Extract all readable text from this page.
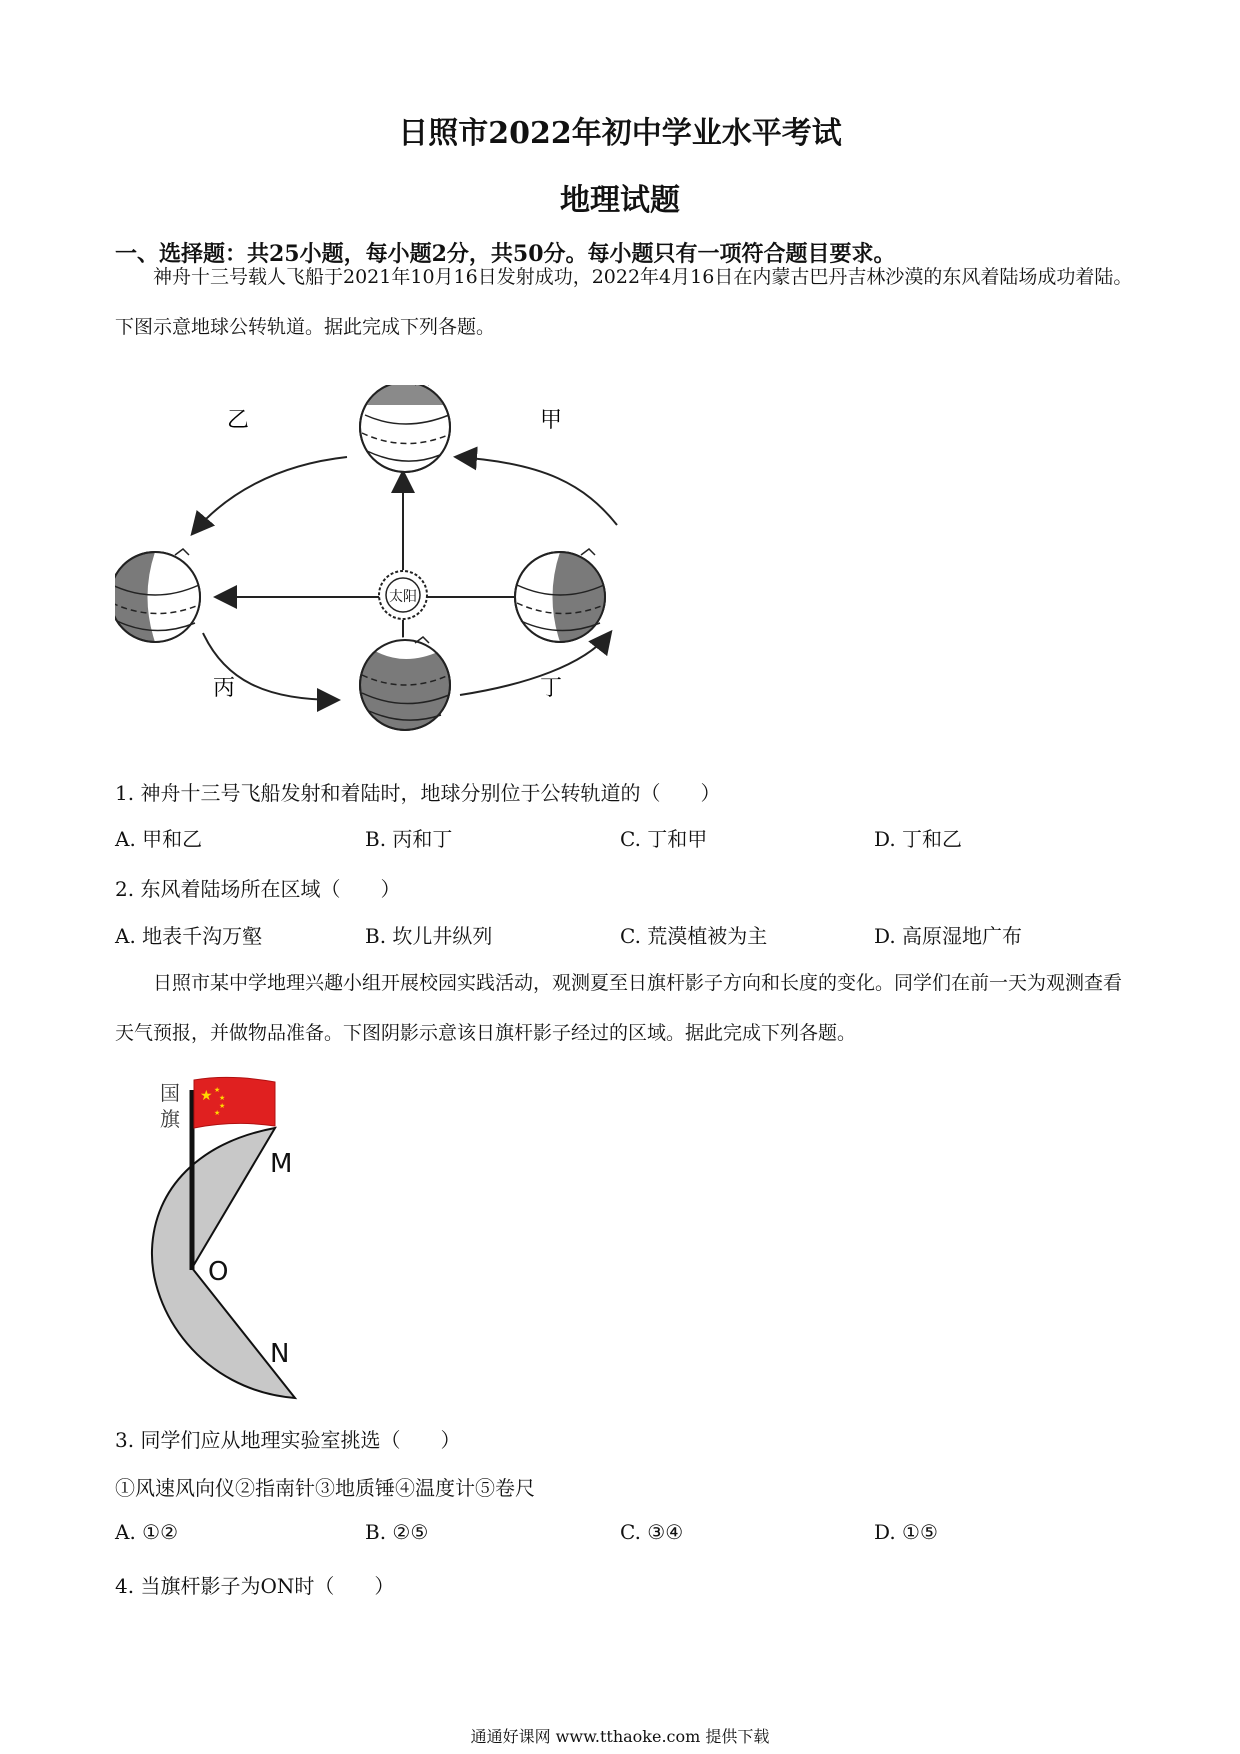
日照市2022年初中学业水平考试
地理试题
一、选择题：共25小题，每小题2分，共50分。每小题只有一项符合题目要求。
神舟十三号载人飞船于2021年10月16日发射成功，2022年4月16日在内蒙古巴丹吉林沙漠的东风着陆场成功着陆。下图示意地球公转轨道。据此完成下列各题。
太阳
乙	甲
丙	丁
1. 神舟十三号飞船发射和着陆时，地球分别位于公转轨道的（　　）
A. 甲和乙	B. 丙和丁	C. 丁和甲	D. 丁和乙
2. 东风着陆场所在区域（　　）
A. 地表千沟万壑	B. 坎儿井纵列	C. 荒漠植被为主	D. 高原湿地广布
日照市某中学地理兴趣小组开展校园实践活动，观测夏至日旗杆影子方向和长度的变化。同学们在前一天为观测查看天气预报，并做物品准备。下图阴影示意该日旗杆影子经过的区域。据此完成下列各题。
★ ★
★
★
★
国
旗
M
O
N
3. 同学们应从地理实验室挑选（　　）
①风速风向仪②指南针③地质锤④温度计⑤卷尺
A. ①②	B. ②⑤	C. ③④	D. ①⑤
4. 当旗杆影子为ON时（　　）
通通好课网 www.tthaoke.com 提供下载
